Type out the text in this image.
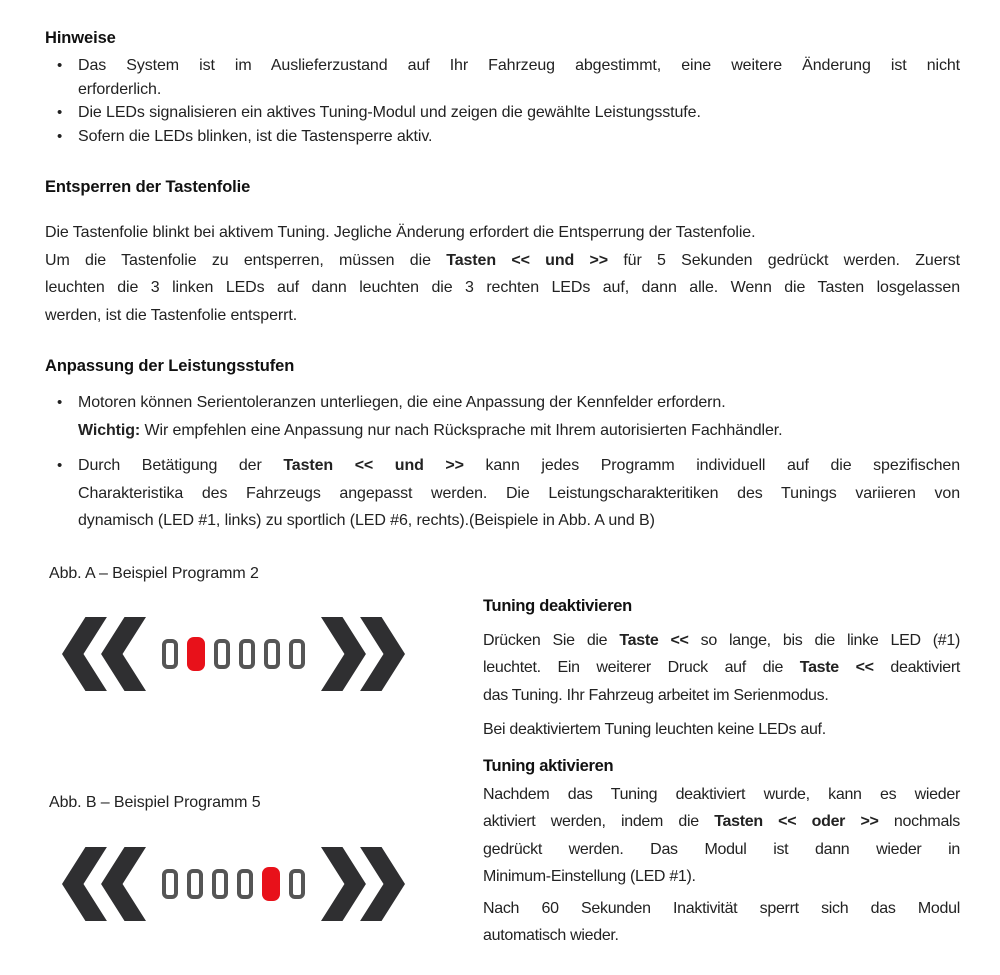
Hinweise
• Das System ist im Auslieferzustand auf Ihr Fahrzeug abgestimmt, eine weitere Änderung ist nicht
erforderlich.
• Die LEDs signalisieren ein aktives Tuning-Modul und zeigen die gewählte Leistungsstufe.
• Sofern die LEDs blinken, ist die Tastensperre aktiv.
Entsperren der Tastenfolie
Die Tastenfolie blinkt bei aktivem Tuning. Jegliche Änderung erfordert die Entsperrung der Tastenfolie.
Um die Tastenfolie zu entsperren, müssen die Tasten << und >> für 5 Sekunden gedrückt werden. Zuerst
leuchten die 3 linken LEDs auf dann leuchten die 3 rechten LEDs auf, dann alle. Wenn die Tasten losgelassen
werden, ist die Tastenfolie entsperrt.
Anpassung der Leistungsstufen
• Motoren können Serientoleranzen unterliegen, die eine Anpassung der Kennfelder erfordern.
Wichtig: Wir empfehlen eine Anpassung nur nach Rücksprache mit Ihrem autorisierten Fachhändler.
• Durch Betätigung der Tasten << und >> kann jedes Programm individuell auf die spezifischen
Charakteristika des Fahrzeugs angepasst werden. Die Leistungscharakteritiken des Tunings variieren von
dynamisch (LED #1, links) zu sportlich (LED #6, rechts).(Beispiele in Abb. A und B)
Abb. A – Beispiel Programm 2
Abb. B – Beispiel Programm 5
Tuning deaktivieren
Drücken Sie die Taste << so lange, bis die linke LED (#1)
leuchtet. Ein weiterer Druck auf die Taste << deaktiviert
das Tuning. Ihr Fahrzeug arbeitet im Serienmodus.
Bei deaktiviertem Tuning leuchten keine LEDs auf.
Tuning aktivieren
Nachdem das Tuning deaktiviert wurde, kann es wieder
aktiviert werden, indem die Tasten << oder >> nochmals
gedrückt werden. Das Modul ist dann wieder in
Minimum-Einstellung (LED #1).
Nach 60 Sekunden Inaktivität sperrt sich das Modul
automatisch wieder.
